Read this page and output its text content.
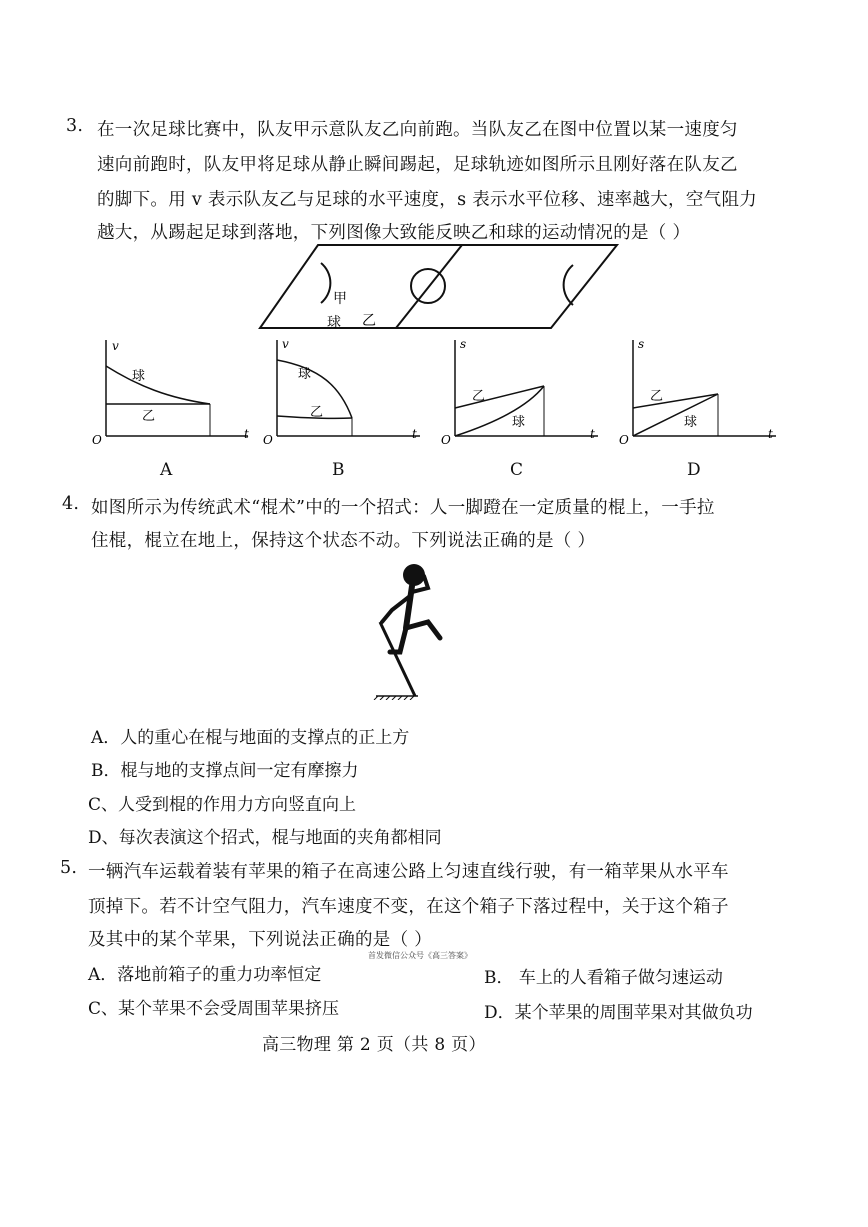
3. 在一次足球比赛中，队友甲示意队友乙向前跑。当队友乙在图中位置以某一速度匀
速向前跑时，队友甲将足球从静止瞬间踢起，足球轨迹如图所示且刚好落在队友乙
的脚下。用 v 表示队友乙与足球的水平速度，s 表示水平位移、速率越大，空气阻力
越大，从踢起足球到落地，下列图像大致能反映乙和球的运动情况的是（ ）
甲
球 乙
v
t
O
球
乙
A
v
t
O
球
乙
B
s
t
O
乙
球
C
s
t
O
乙
球
D
4. 如图所示为传统武术“棍术”中的一个招式：人一脚蹬在一定质量的棍上，一手拉
住棍，棍立在地上，保持这个状态不动。下列说法正确的是（ ）
A．人的重心在棍与地面的支撑点的正上方
B．棍与地的支撑点间一定有摩擦力
C、人受到棍的作用力方向竖直向上
D、每次表演这个招式，棍与地面的夹角都相同
5. 一辆汽车运载着装有苹果的箱子在高速公路上匀速直线行驶，有一箱苹果从水平车
顶掉下。若不计空气阻力，汽车速度不变，在这个箱子下落过程中，关于这个箱子
及其中的某个苹果，下列说法正确的是（ ）
首发微信公众号《高三答案》
A．落地前箱子的重力功率恒定	B． 车上的人看箱子做匀速运动
C、某个苹果不会受周围苹果挤压	D．某个苹果的周围苹果对其做负功
高三物理 第 2 页（共 8 页）
